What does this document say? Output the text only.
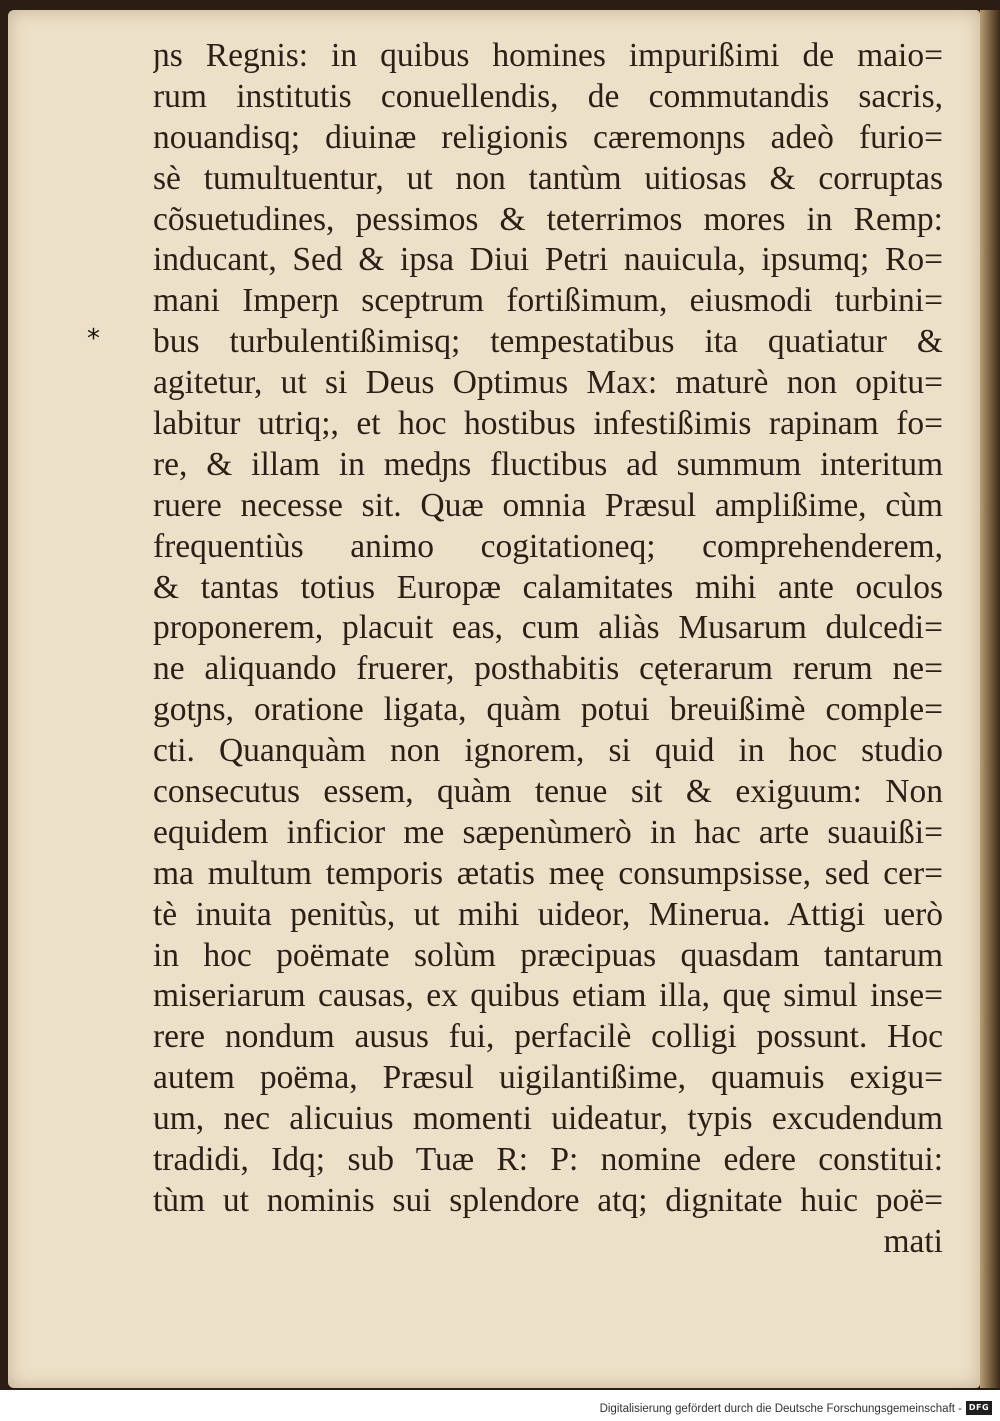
*
ɲs Regnis: in quibus homines impurißimi de maio=
rum institutis conuellendis, de commutandis sacris,
nouandisq; diuinæ religionis cæremonɲs adeò furio=
sè tumultuentur, ut non tantùm uitiosas & corruptas
cõsuetudines, pessimos & teterrimos mores in Remp:
inducant, Sed & ipsa Diui Petri nauicula, ipsumq; Ro=
mani Imperɲ sceptrum fortißimum, eiusmodi turbini=
bus turbulentißimisq; tempestatibus ita quatiatur &
agitetur, ut si Deus Optimus Max: maturè non opitu=
labitur utriq;, et hoc hostibus infestißimis rapinam fo=
re, & illam in medɲs fluctibus ad summum interitum
ruere necesse sit. Quæ omnia Præsul amplißime, cùm
frequentiùs animo cogitationeq; comprehenderem,
& tantas totius Europæ calamitates mihi ante oculos
proponerem, placuit eas, cum aliàs Musarum dulcedi=
ne aliquando fruerer, posthabitis cęterarum rerum ne=
gotɲs, oratione ligata, quàm potui breuißimè comple=
cti. Quanquàm non ignorem, si quid in hoc studio
consecutus essem, quàm tenue sit & exiguum: Non
equidem inficior me sæpenùmerò in hac arte suauißi=
ma multum temporis ætatis meę consumpsisse, sed cer=
tè inuita penitùs, ut mihi uideor, Minerua. Attigi uerò
in hoc poëmate solùm præcipuas quasdam tantarum
miseriarum causas, ex quibus etiam illa, quę simul inse=
rere nondum ausus fui, perfacilè colligi possunt. Hoc
autem poëma, Præsul uigilantißime, quamuis exigu=
um, nec alicuius momenti uideatur, typis excudendum
tradidi, Idq; sub Tuæ R: P: nomine edere constitui:
tùm ut nominis sui splendore atq; dignitate huic poë=
mati
Digitalisierung gefördert durch die Deutsche Forschungsgemeinschaft - DFG
